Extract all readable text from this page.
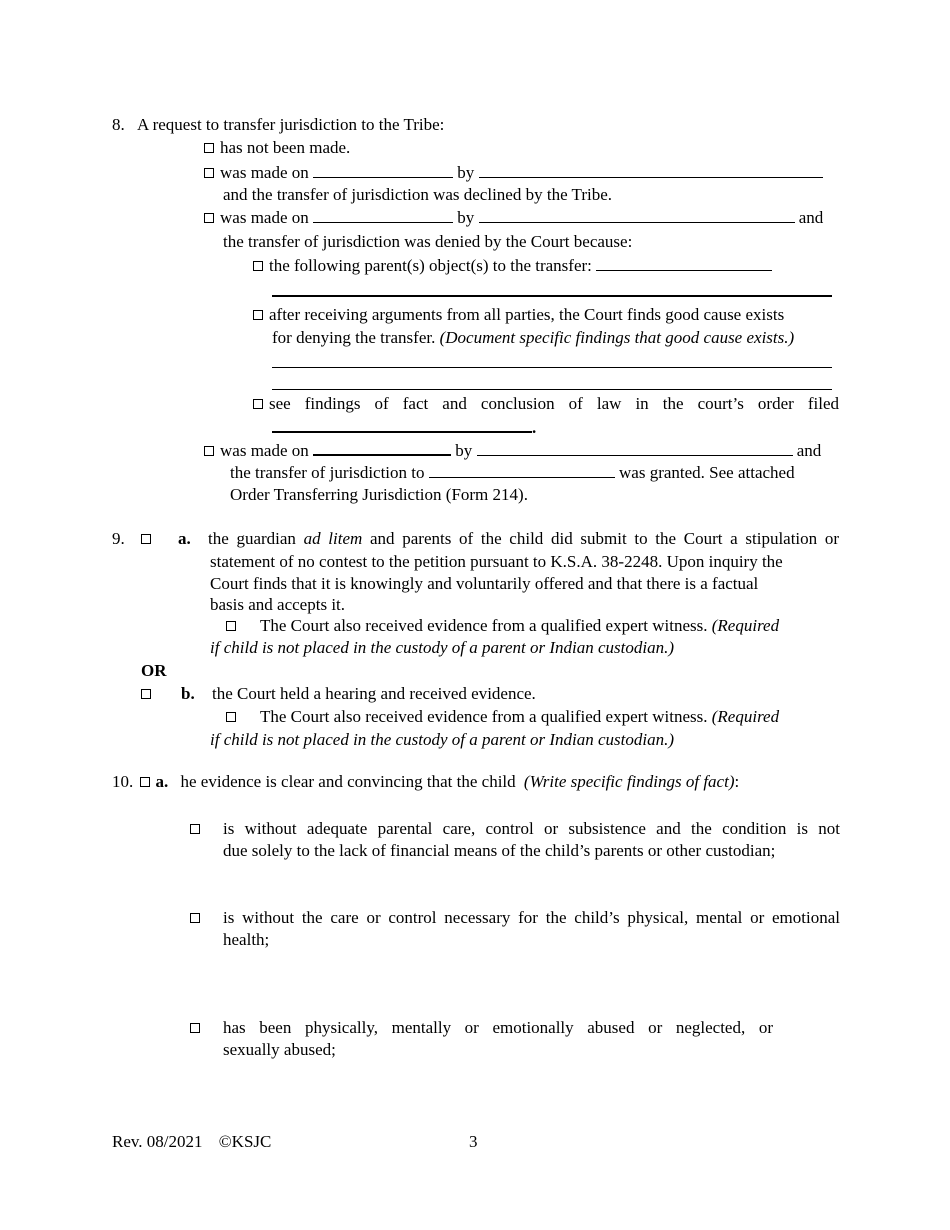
8. A request to transfer jurisdiction to the Tribe:
has not been made.
was made on	by
and the transfer of jurisdiction was declined by the Tribe.
was made on	by	and
the transfer of jurisdiction was denied by the Court because:
the following parent(s) object(s) to the transfer:
after receiving arguments from all parties, the Court finds good cause exists
for denying the transfer. (Document specific findings that good cause exists.)
see findings of fact and conclusion of law in the court’s order filed
.
was made on	by	and
the transfer of jurisdiction to	was granted. See attached
Order Transferring Jurisdiction (Form 214).
9.	a. the guardian ad litem and parents of the child did submit to the Court a stipulation or
statement of no contest to the petition pursuant to K.S.A. 38-2248. Upon inquiry the
Court finds that it is knowingly and voluntarily offered and that there is a factual
basis and accepts it.
The Court also received evidence from a qualified expert witness. (Required
if child is not placed in the custody of a parent or Indian custodian.)
OR
b. the Court held a hearing and received evidence.
The Court also received evidence from a qualified expert witness. (Required
if child is not placed in the custody of a parent or Indian custodian.)
10. a. he evidence is clear and convincing that the child (Write specific findings of fact):
is without adequate parental care, control or subsistence and the condition is not
due solely to the lack of financial means of the child’s parents or other custodian;
is without the care or control necessary for the child’s physical, mental or emotional
health;
has been physically, mentally or emotionally abused or neglected, or
sexually abused;
Rev. 08/2021 ©KSJC	3
